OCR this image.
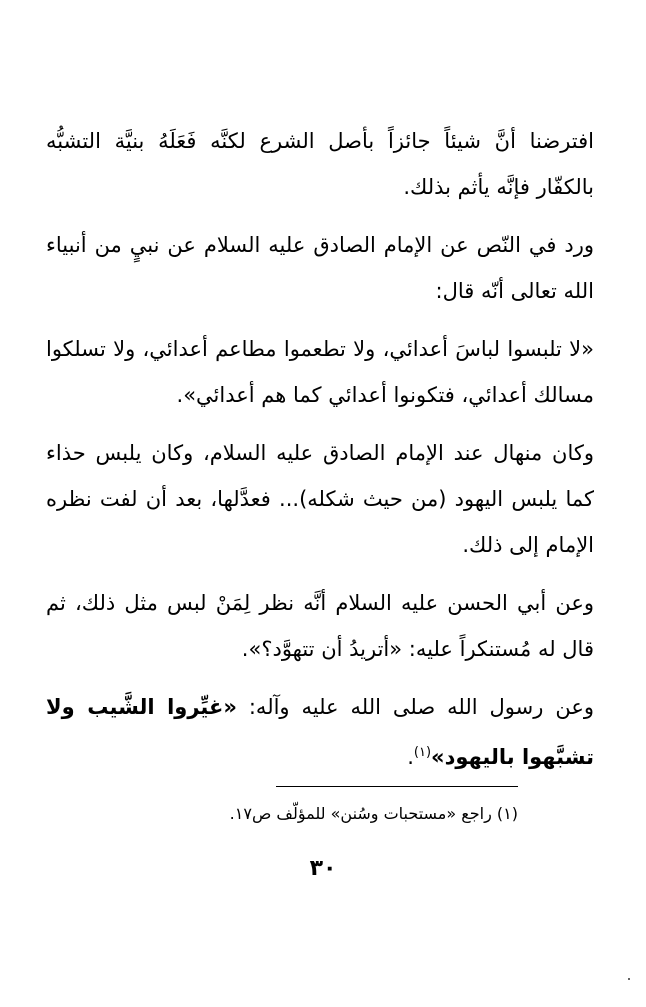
افترضنا أنَّ شيئاً جائزاً بأصل الشرع لكنَّه فَعَلَهُ بنيَّة التشبُّه بالكفّار فإنَّه يأثم بذلك.

ورد في النّص عن الإمام الصادق عليه السلام عن نبيٍ من أنبياء الله تعالى أنّه قال:

«لا تلبسوا لباسَ أعدائي، ولا تطعموا مطاعم أعدائي، ولا تسلكوا مسالك أعدائي، فتكونوا أعدائي كما هم أعدائي».

وكان منهال عند الإمام الصادق عليه السلام، وكان يلبس حذاء كما يلبس اليهود (من حيث شكله)... فعدَّلها، بعد أن لفت نظره الإمام إلى ذلك.

وعن أبي الحسن عليه السلام أنَّه نظر لِمَنْ لبس مثل ذلك، ثم قال له مُستنكراً عليه: «أتريدُ أن تتهوَّد؟».

وعن رسول الله صلى الله عليه وآله: «غيِّروا الشَّيب ولا تشبَّهوا باليهود»$^{(١)}$.

(١) راجع «مستحبات وسُنن» للمؤلّف ص١٧.
٣٠
